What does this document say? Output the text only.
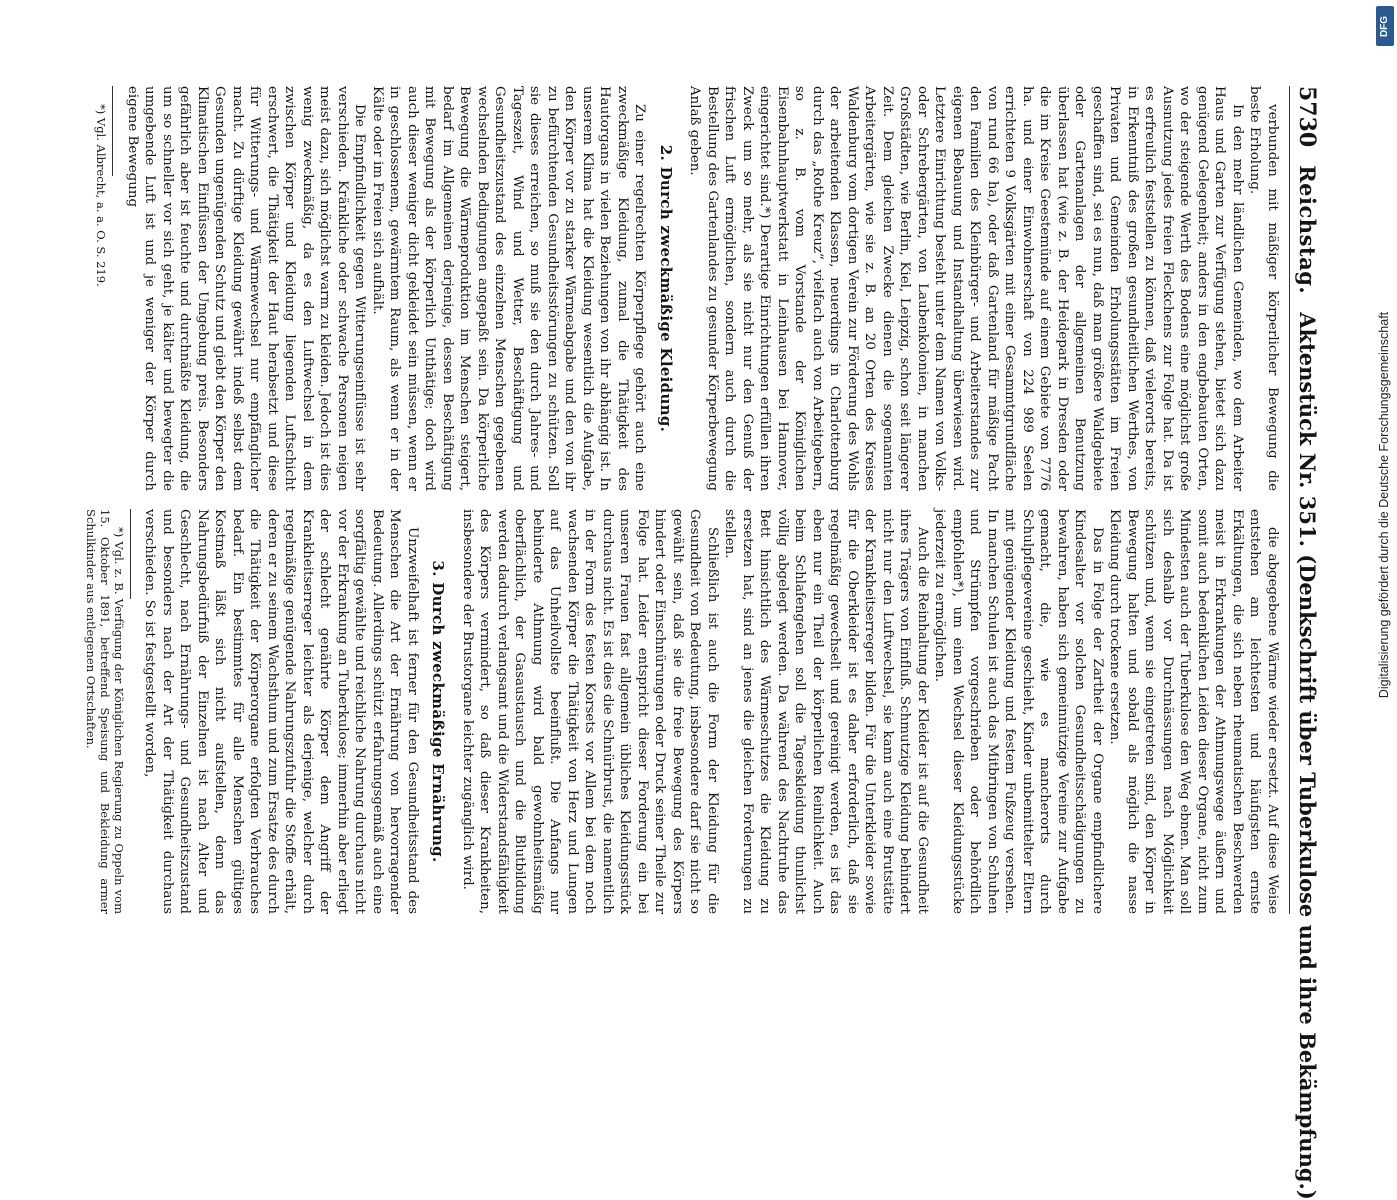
5730
Reichstag.
Aktenstück Nr. 351. (Denkschrift über Tuberkulose und ihre Bekämpfung.)

verbunden mit mäßiger körperlicher Bewegung die beste Erholung.

In den mehr ländlichen Gemeinden, wo dem Arbeiter Haus und Garten zur Verfügung stehen, bietet sich dazu genügend Gelegenheit; anders in den engbebauten Orten, wo der steigende Werth des Bodens eine möglichst große Ausnutzung jedes freien Fleckchens zur Folge hat. Da ist es erfreulich feststellen zu können, daß vielerorts bereits, in Erkenntniß des großen gesundheitlichen Werthes, von Privaten und Gemeinden Erholungsstätten im Freien geschaffen sind, sei es nun, daß man größere Waldgebiete oder Gartenanlagen der allgemeinen Benutzung überlassen hat (wie z. B. der Heidepark in Dresden oder die im Kreise Geestemünde auf einem Gebiete von 7776 ha. und einer Einwohnerschaft von 224 989 Seelen errichteten 9 Volksgärten mit einer Gesammtgrundfläche von rund 66 ha), oder daß Gartenland für mäßige Pacht den Familien des Kleinbürger- und Arbeiterstandes zur eigenen Bebauung und Instandhaltung überwiesen wird. Letztere Einrichtung besteht unter dem Namen von Volks- oder Schrebergärten, von Laubenkolonien, in manchen Großstädten, wie Berlin, Kiel, Leipzig, schon seit längerer Zeit. Dem gleichen Zwecke dienen die sogenannten Arbeitergärten, wie sie z. B. an 20 Orten des Kreises Waldenburg vom dortigen Verein zur Förderung des Wohls der arbeitenden Klassen, neuerdings in Charlottenburg durch das „Rothe Kreuz“, vielfach auch von Arbeitgebern, so z. B. vom Vorstande der Königlichen Eisenbahnhauptwerkstatt in Leinhausen bei Hannover, eingerichtet sind.*) Derartige Einrichtungen erfüllen ihren Zweck um so mehr, als sie nicht nur den Genuß der frischen Luft ermöglichen, sondern auch durch die Bestellung des Gartenlandes zu gesunder Körperbewegung Anlaß geben.

2. Durch zweckmäßige Kleidung.

Zu einer regelrechten Körperpflege gehört auch eine zweckmäßige Kleidung, zumal die Thätigkeit des Hautorgans in vielen Beziehungen von ihr abhängig ist. In unserem Klima hat die Kleidung wesentlich die Aufgabe, den Körper vor zu starker Wärmeabgabe und den von ihr zu befürchtenden Gesundheitsstörungen zu schützen. Soll sie dieses erreichen, so muß sie den durch Jahres- und Tageszeit, Wind und Wetter, Beschäftigung und Gesundheitszustand des einzelnen Menschen gegebenen wechselnden Bedingungen angepaßt sein. Da körperliche Bewegung die Wärmeproduktion im Menschen steigert, bedarf im Allgemeinen derjenige, dessen Beschäftigung mit Bewegung als der körperlich Unthätige; doch wird auch dieser weniger dicht gekleidet sein müssen, wenn er in geschlossenem, gewärmtem Raum, als wenn er in der Kälte oder im Freien sich aufhält.

Die Empfindlichkeit gegen Witterungseinflüsse ist sehr verschieden. Kränkliche oder schwache Personen neigen meist dazu, sich möglichst warm zu kleiden. Jedoch ist dies wenig zweckmäßig, da es den Luftwechsel in dem zwischen Körper und Kleidung liegenden Luftschicht erschwert, die Thätigkeit der Haut herabsetzt und diese für Witterungs- und Wärmewechsel nur empfänglicher macht. Zu dürftige Kleidung gewährt indeß selbst dem Gesunden ungenügenden Schutz und giebt den Körper den Klimatischen Einflüssen der Umgebung preis. Besonders gefährlich aber ist feuchte und durchnäßte Kleidung, die um so schneller vor sich geht, je kälter und bewegter die umgebende Luft ist und je weniger der Körper durch eigene Bewegung

*) Vgl. Albrecht, a. a. O. S. 219.

die abgegebene Wärme wieder ersetzt. Auf diese Weise entstehen am leichtesten und häufigsten ernste Erkältungen, die sich neben rheumatischen Beschwerden meist in Erkrankungen der Athmungswege äußern und somit auch bedenklichen Leiden dieser Organe, nicht zum Mindesten auch der Tuberkulose den Weg ebnen. Man soll sich deshalb vor Durchnässungen nach Möglichkeit schützen und, wenn sie eingetreten sind, den Körper in Bewegung halten und sobald als möglich die nasse Kleidung durch trockene ersetzen.

Das in Folge der Zartheit der Organe empfindlichere Kindesalter vor solchen Gesundheitsschädigungen zu bewahren, haben sich gemeinnützige Vereine zur Aufgabe gemacht, die, wie es mancherorts durch Schulpflegevereine geschieht, Kinder unbemittelter Eltern mit genügender Kleidung und festem Fußzeug versehen. In manchen Schulen ist auch das Mitbringen von Schuhen und Strümpfen vorgeschrieben oder behördlich empfohlen*), um einen Wechsel dieser Kleidungsstücke jederzeit zu ermöglichen.

Auch die Reinhaltung der Kleider ist auf die Gesundheit ihres Trägers von Einfluß. Schmutzige Kleidung behindert nicht nur den Luftwechsel, sie kann auch eine Brutstätte der Krankheitserreger bilden. Für die Unterkleider sowie für die Oberkleider ist es daher erforderlich, daß sie regelmäßig gewechselt und gereinigt werden, es ist das eben nur ein Theil der körperlichen Reinlichkeit. Auch beim Schlafengehen soll die Tageskleidung thunlichst völlig abgelegt werden. Da während des Nachtruhe das Bett hinsichtlich des Wärmeschutzes die Kleidung zu ersetzen hat, sind an jenes die gleichen Forderungen zu stellen.

Schließlich ist auch die Form der Kleidung für die Gesundheit von Bedeutung, insbesondere darf sie nicht so gewählt sein, daß sie die freie Bewegung des Körpers hindert oder Einschnürungen oder Druck seiner Theile zur Folge hat. Leider entspricht dieser Forderung ein bei unseren Frauen fast allgemein übliches Kleidungsstück durchaus nicht. Es ist dies die Schnürbrust, die namentlich in der Form des festen Korsets vor Allem bei dem noch wachsenden Körper die Thätigkeit von Herz und Lungen auf das Unheilvollste beeinflußt. Die Anfangs nur behinderte Athmung wird bald gewohnheitsmäßig oberflächlich, der Gasaustausch und die Blutbildung werden dadurch verlangsamt und die Widerstandsfähigkeit des Körpers vermindert, so daß dieser Krankheiten, insbesondere der Brustorgane leichter zugänglich wird.

3. Durch zweckmäßige Ernährung.

Unzweifelhaft ist ferner für den Gesundheitsstand des Menschen die Art der Ernährung von hervorragender Bedeutung. Allerdings schützt erfahrungsgemäß auch eine sorgfältig gewählte und reichliche Nahrung durchaus nicht vor der Erkrankung an Tuberkulose; immerhin aber erliegt der schlecht genährte Körper dem Angriff der Krankheitserreger leichter als derjenige, welcher durch regelmäßige genügende Nahrungszufuhr die Stoffe erhält, deren er zu seinem Wachsthum und zum Ersatze des durch die Thätigkeit der Körperorgane erfolgten Verbrauches bedarf. Ein bestimmtes für alle Menschen gültiges Kostmaß läßt sich nicht aufstellen, denn das Nahrungsbedürfniß der Einzelnen ist nach Alter und Geschlecht, nach Ernährungs- und Gesundheitszustand und besonders nach der Art der Thätigkeit durchaus verschieden. So ist festgestellt worden,

*) Vgl. z. B. Verfügung der Königlichen Regierung zu Oppeln vom 15. Oktober 1891, betreffend Speisung und Bekleidung armer Schulkinder aus entlegenen Ortschaften.

DFG
Digitalisierung gefördert durch die Deutsche Forschungsgemeinschaft
